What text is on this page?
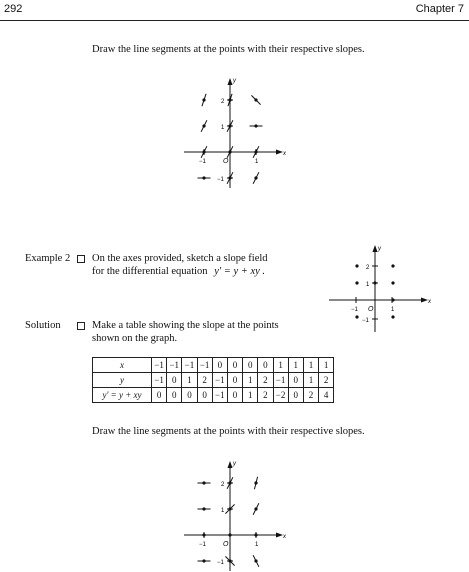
292	Chapter 7
Draw the line segments at the points with their respective slopes.
x
y
O
−1	1
1
2
−1
Example 2 On the axes provided, sketch a slope field
for the differential equation y′ = y + xy .
x
y
O
−1	1
1
2
−1
Solution	Make a table showing the slope at the points
shown on the graph.
x	−1	−1	−1	−1	0	0	0	0	1	1	1	1
y	−1	0	1	2	−1	0	1	2	−1	0	1	2
y′ = y + xy	0	0	0	0	−1	0	1	2	−2	0	2	4
Draw the line segments at the points with their respective slopes.
x
y
O
−1	1
1
2
−1
